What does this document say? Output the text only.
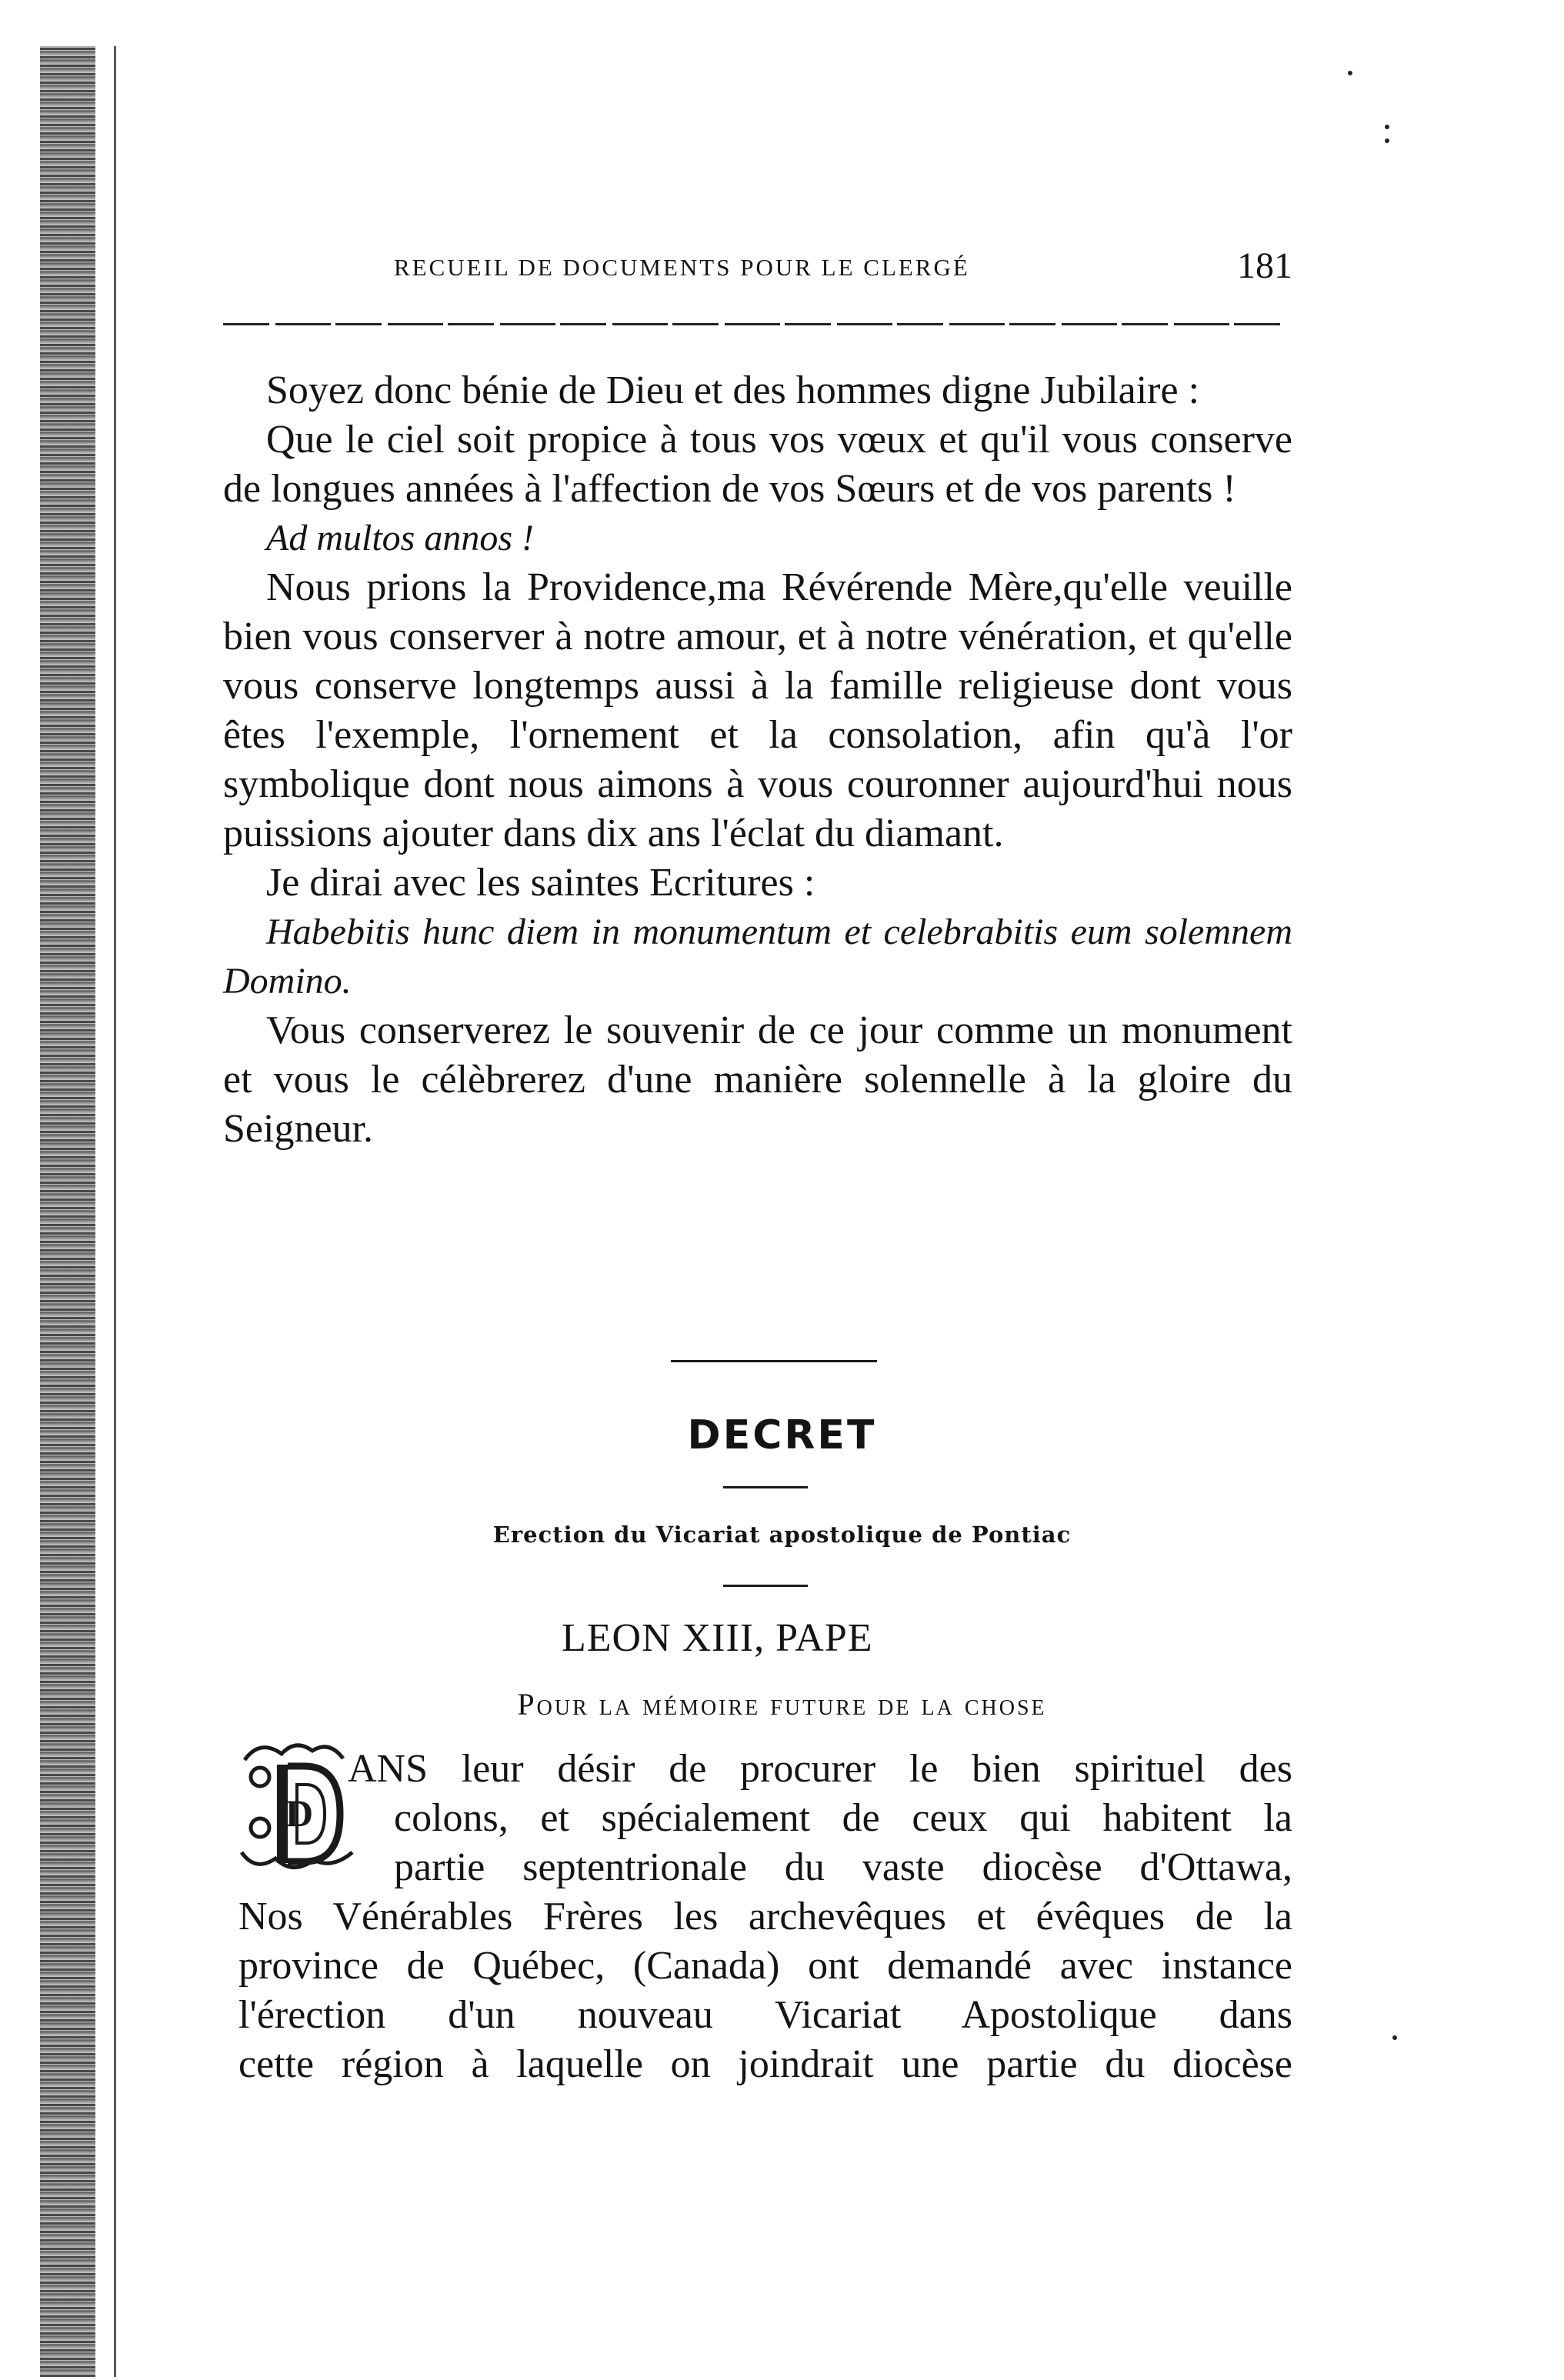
RECUEIL DE DOCUMENTS POUR LE CLERGÉ	181

Soyez donc bénie de Dieu et des hommes digne Jubilaire :

Que le ciel soit propice à tous vos vœux et qu'il vous conserve de longues années à l'affection de vos Sœurs et de vos parents !

Ad multos annos !

Nous prions la Providence,ma Révérende Mère,qu'elle veuille bien vous conserver à notre amour, et à notre vénération, et qu'elle vous conserve longtemps aussi à la famille religieuse dont vous êtes l'exemple, l'ornement et la consolation, afin qu'à l'or symbolique dont nous aimons à vous couronner aujourd'hui nous puissions ajouter dans dix ans l'éclat du diamant.

Je dirai avec les saintes Ecritures :

Habebitis hunc diem in monumentum et celebrabitis eum solemnem Domino.

Vous conserverez le souvenir de ce jour comme un monument et vous le célèbrerez d'une manière solennelle à la gloire du Seigneur.

DECRET
Erection du Vicariat apostolique de Pontiac
LEON XIII, PAPE
Pour la mémoire future de la chose
D

ANS leur désir de procurer le bien spirituel des

colons, et spécialement de ceux qui habitent la

partie septentrionale du vaste diocèse d'Ottawa,

Nos Vénérables Frères les archevêques et évêques de la

province de Québec, (Canada) ont demandé avec instance l'érection d'un nouveau Vicariat Apostolique dans

cette région à laquelle on joindrait une partie du diocèse
